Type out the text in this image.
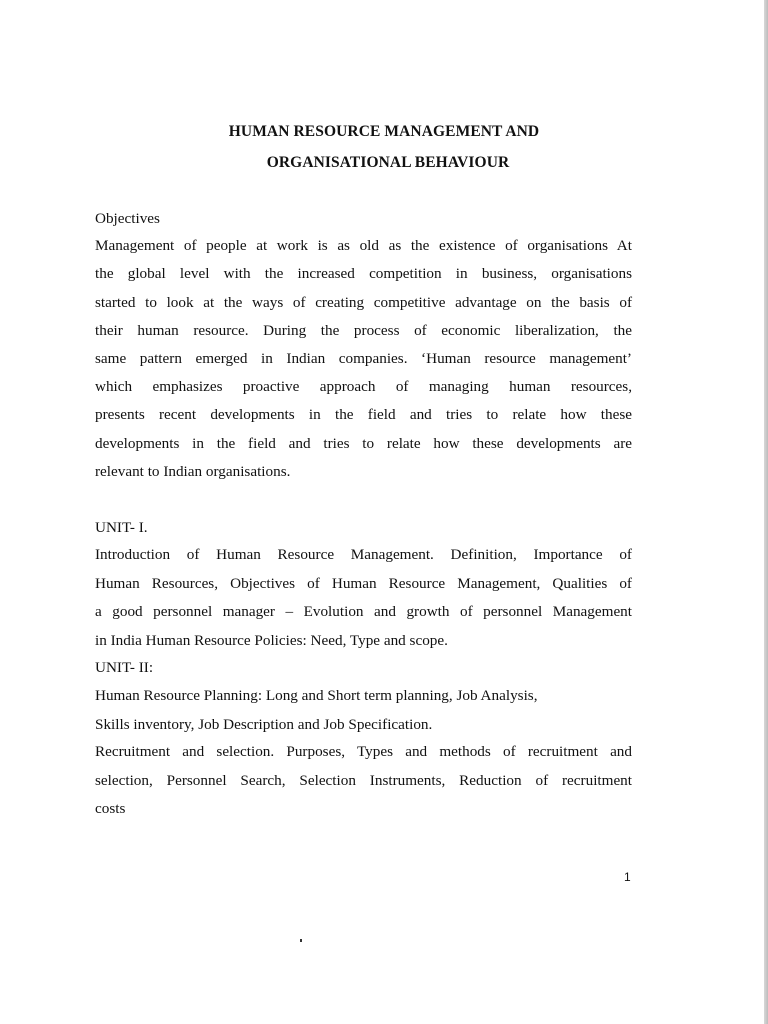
HUMAN RESOURCE MANAGEMENT AND
ORGANISATIONAL BEHAVIOUR
Objectives
Management of people at work is as old as the existence of organisations At
the global level with the increased competition in business, organisations
started to look at the ways of creating competitive advantage on the basis of
their human resource. During the process of economic liberalization, the
same pattern emerged in Indian companies. ‘Human resource management’
which emphasizes proactive approach of managing human resources,
presents recent developments in the field and tries to relate how these
developments in the field and tries to relate how these developments are
relevant to Indian organisations.
UNIT- I.
Introduction of Human Resource Management. Definition, Importance of
Human Resources, Objectives of Human Resource Management, Qualities of
a good personnel manager – Evolution and growth of personnel Management
in India Human Resource Policies: Need, Type and scope.
UNIT- II:
Human Resource Planning: Long and Short term planning, Job Analysis,
Skills inventory, Job Description and Job Specification.
Recruitment and selection. Purposes, Types and methods of recruitment and
selection, Personnel Search, Selection Instruments, Reduction of recruitment
costs
1
